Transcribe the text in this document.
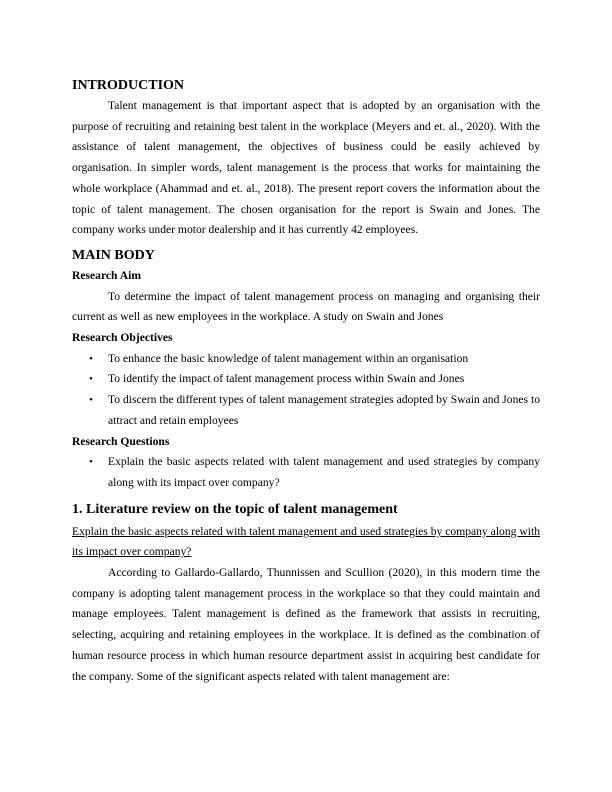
INTRODUCTION

Talent management is that important aspect that is adopted by an organisation with the purpose of recruiting and retaining best talent in the workplace (Meyers and et. al., 2020). With the assistance of talent management, the objectives of business could be easily achieved by organisation. In simpler words, talent management is the process that works for maintaining the whole workplace (Ahammad and et. al., 2018). The present report covers the information about the topic of talent management. The chosen organisation for the report is Swain and Jones. The company works under motor dealership and it has currently 42 employees.

MAIN BODY
Research Aim

To determine the impact of talent management process on managing and organising their current as well as new employees in the workplace. A study on Swain and Jones

Research Objectives
• To enhance the basic knowledge of talent management within an organisation
• To identify the impact of talent management process within Swain and Jones
• To discern the different types of talent management strategies adopted by Swain and Jones to attract and retain employees
Research Questions
• Explain the basic aspects related with talent management and used strategies by company along with its impact over company?
1. Literature review on the topic of talent management

Explain the basic aspects related with talent management and used strategies by company along with its impact over company?

According to Gallardo-Gallardo, Thunnissen and Scullion (2020), in this modern time the company is adopting talent management process in the workplace so that they could maintain and manage employees. Talent management is defined as the framework that assists in recruiting, selecting, acquiring and retaining employees in the workplace. It is defined as the combination of human resource process in which human resource department assist in acquiring best candidate for the company. Some of the significant aspects related with talent management are:
